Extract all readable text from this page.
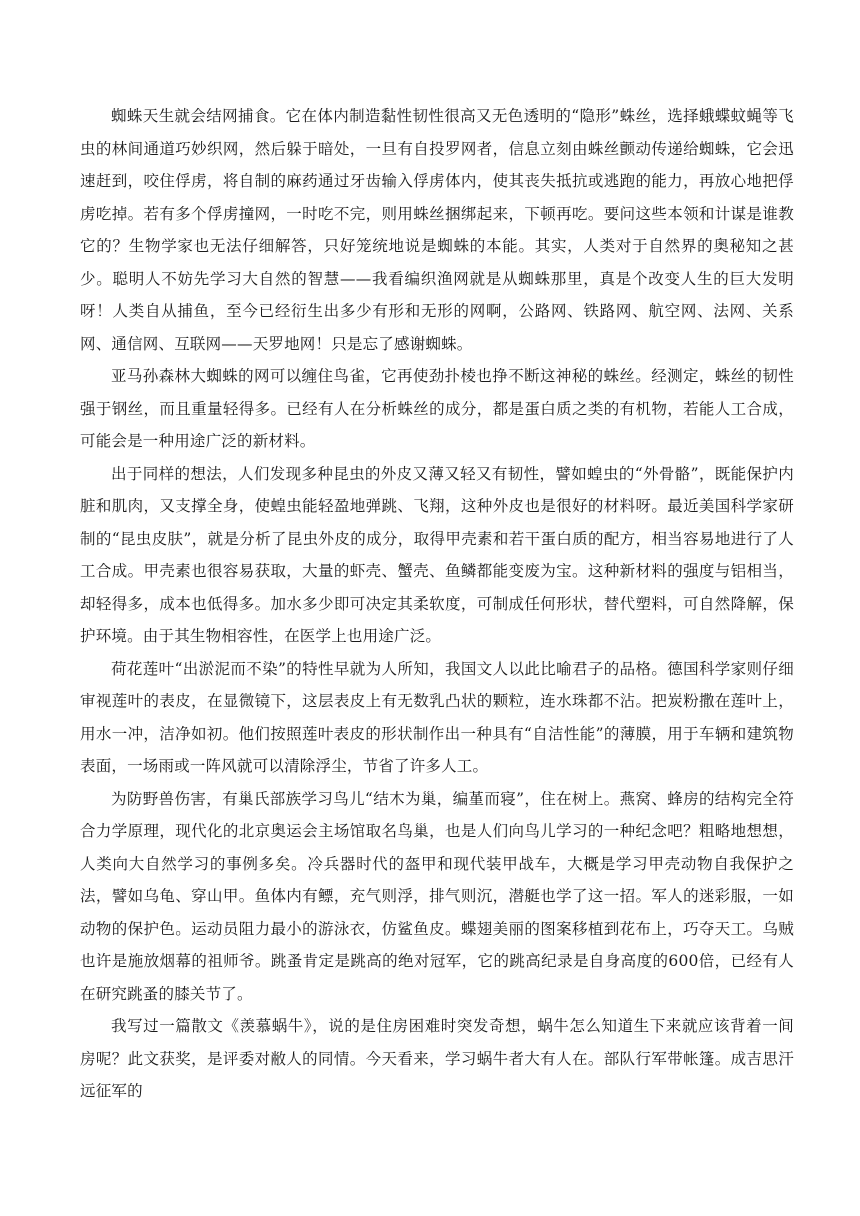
蜘蛛天生就会结网捕食。它在体内制造黏性韧性很高又无色透明的“隐形”蛛丝，选择蛾蝶蚊蝇等飞虫的林间通道巧妙织网，然后躲于暗处，一旦有自投罗网者，信息立刻由蛛丝颤动传递给蜘蛛，它会迅速赶到，咬住俘虏，将自制的麻药通过牙齿输入俘虏体内，使其丧失抵抗或逃跑的能力，再放心地把俘虏吃掉。若有多个俘虏撞网，一时吃不完，则用蛛丝捆绑起来，下顿再吃。要问这些本领和计谋是谁教它的？生物学家也无法仔细解答，只好笼统地说是蜘蛛的本能。其实，人类对于自然界的奥秘知之甚少。聪明人不妨先学习大自然的智慧——我看编织渔网就是从蜘蛛那里，真是个改变人生的巨大发明呀！人类自从捕鱼，至今已经衍生出多少有形和无形的网啊，公路网、铁路网、航空网、法网、关系网、通信网、互联网——天罗地网！只是忘了感谢蜘蛛。

亚马孙森林大蜘蛛的网可以缠住鸟雀，它再使劲扑棱也挣不断这神秘的蛛丝。经测定，蛛丝的韧性强于钢丝，而且重量轻得多。已经有人在分析蛛丝的成分，都是蛋白质之类的有机物，若能人工合成，可能会是一种用途广泛的新材料。

出于同样的想法，人们发现多种昆虫的外皮又薄又轻又有韧性，譬如蝗虫的“外骨骼”，既能保护内脏和肌肉，又支撑全身，使蝗虫能轻盈地弹跳、飞翔，这种外皮也是很好的材料呀。最近美国科学家研制的“昆虫皮肤”，就是分析了昆虫外皮的成分，取得甲壳素和若干蛋白质的配方，相当容易地进行了人工合成。甲壳素也很容易获取，大量的虾壳、蟹壳、鱼鳞都能变废为宝。这种新材料的强度与铝相当，却轻得多，成本也低得多。加水多少即可决定其柔软度，可制成任何形状，替代塑料，可自然降解，保护环境。由于其生物相容性，在医学上也用途广泛。

荷花莲叶“出淤泥而不染”的特性早就为人所知，我国文人以此比喻君子的品格。德国科学家则仔细审视莲叶的表皮，在显微镜下，这层表皮上有无数乳凸状的颗粒，连水珠都不沾。把炭粉撒在莲叶上，用水一冲，洁净如初。他们按照莲叶表皮的形状制作出一种具有“自洁性能”的薄膜，用于车辆和建筑物表面，一场雨或一阵风就可以清除浮尘，节省了许多人工。

为防野兽伤害，有巢氏部族学习鸟儿“结木为巢，编堇而寝”，住在树上。燕窝、蜂房的结构完全符合力学原理，现代化的北京奥运会主场馆取名鸟巢，也是人们向鸟儿学习的一种纪念吧？粗略地想想，人类向大自然学习的事例多矣。冷兵器时代的盔甲和现代装甲战车，大概是学习甲壳动物自我保护之法，譬如乌龟、穿山甲。鱼体内有鳔，充气则浮，排气则沉，潜艇也学了这一招。军人的迷彩服，一如动物的保护色。运动员阻力最小的游泳衣，仿鲨鱼皮。蝶翅美丽的图案移植到花布上，巧夺天工。乌贼也许是施放烟幕的祖师爷。跳蚤肯定是跳高的绝对冠军，它的跳高纪录是自身高度的600倍，已经有人在研究跳蚤的膝关节了。

我写过一篇散文《羡慕蜗牛》，说的是住房困难时突发奇想，蜗牛怎么知道生下来就应该背着一间房呢？此文获奖，是评委对敝人的同情。今天看来，学习蜗牛者大有人在。部队行军带帐篷。成吉思汗远征军的
